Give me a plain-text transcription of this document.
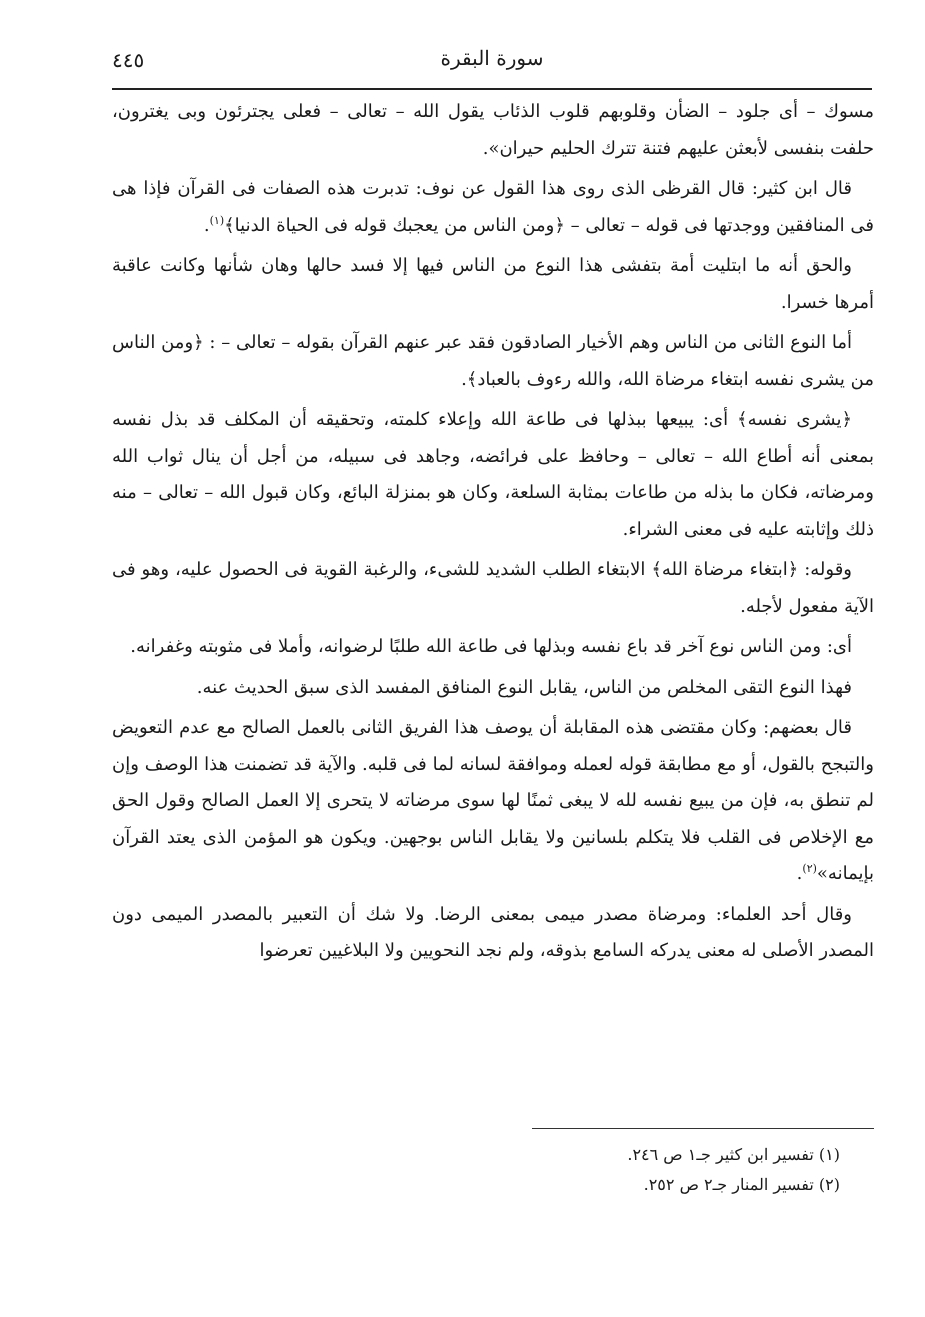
٤٤٥	سورة البقرة

مسوك – أى جلود – الضأن وقلوبهم قلوب الذئاب يقول الله – تعالى – فعلى يجترئون وبى يغترون، حلفت بنفسى لأبعثن عليهم فتنة تترك الحليم حيران».

قال ابن كثير: قال القرظى الذى روى هذا القول عن نوف: تدبرت هذه الصفات فى القرآن فإذا هى فى المنافقين ووجدتها فى قوله – تعالى – ﴿ومن الناس من يعجبك قوله فى الحياة الدنيا﴾$^{(١)}$.

والحق أنه ما ابتليت أمة بتفشى هذا النوع من الناس فيها إلا فسد حالها وهان شأنها وكانت عاقبة أمرها خسرا.

أما النوع الثانى من الناس وهم الأخيار الصادقون فقد عبر عنهم القرآن بقوله – تعالى – : ﴿ومن الناس من يشرى نفسه ابتغاء مرضاة الله، والله رءوف بالعباد﴾.

﴿يشرى نفسه﴾ أى: يبيعها ببذلها فى طاعة الله وإعلاء كلمته، وتحقيقه أن المكلف قد بذل نفسه بمعنى أنه أطاع الله – تعالى – وحافظ على فرائضه، وجاهد فى سبيله، من أجل أن ينال ثواب الله ومرضاته، فكان ما بذله من طاعات بمثابة السلعة، وكان هو بمنزلة البائع، وكان قبول الله – تعالى – منه ذلك وإثابته عليه فى معنى الشراء.

وقوله: ﴿ابتغاء مرضاة الله﴾ الابتغاء الطلب الشديد للشىء، والرغبة القوية فى الحصول عليه، وهو فى الآية مفعول لأجله.

أى: ومن الناس نوع آخر قد باع نفسه وبذلها فى طاعة الله طلبًا لرضوانه، وأملا فى مثوبته وغفرانه.

فهذا النوع التقى المخلص من الناس، يقابل النوع المنافق المفسد الذى سبق الحديث عنه.

قال بعضهم: وكان مقتضى هذه المقابلة أن يوصف هذا الفريق الثانى بالعمل الصالح مع عدم التعويض والتبجح بالقول، أو مع مطابقة قوله لعمله وموافقة لسانه لما فى قلبه. والآية قد تضمنت هذا الوصف وإن لم تنطق به، فإن من يبيع نفسه لله لا يبغى ثمنًا لها سوى مرضاته لا يتحرى إلا العمل الصالح وقول الحق مع الإخلاص فى القلب فلا يتكلم بلسانين ولا يقابل الناس بوجهين. ويكون هو المؤمن الذى يعتد القرآن بإيمانه»$^{(٢)}$.

وقال أحد العلماء: ومرضاة مصدر ميمى بمعنى الرضا. ولا شك أن التعبير بالمصدر الميمى دون المصدر الأصلى له معنى يدركه السامع بذوقه، ولم نجد النحويين ولا البلاغيين تعرضوا

(١) تفسير ابن كثير جـ١ ص ٢٤٦.
(٢) تفسير المنار جـ٢ ص ٢٥٢.
